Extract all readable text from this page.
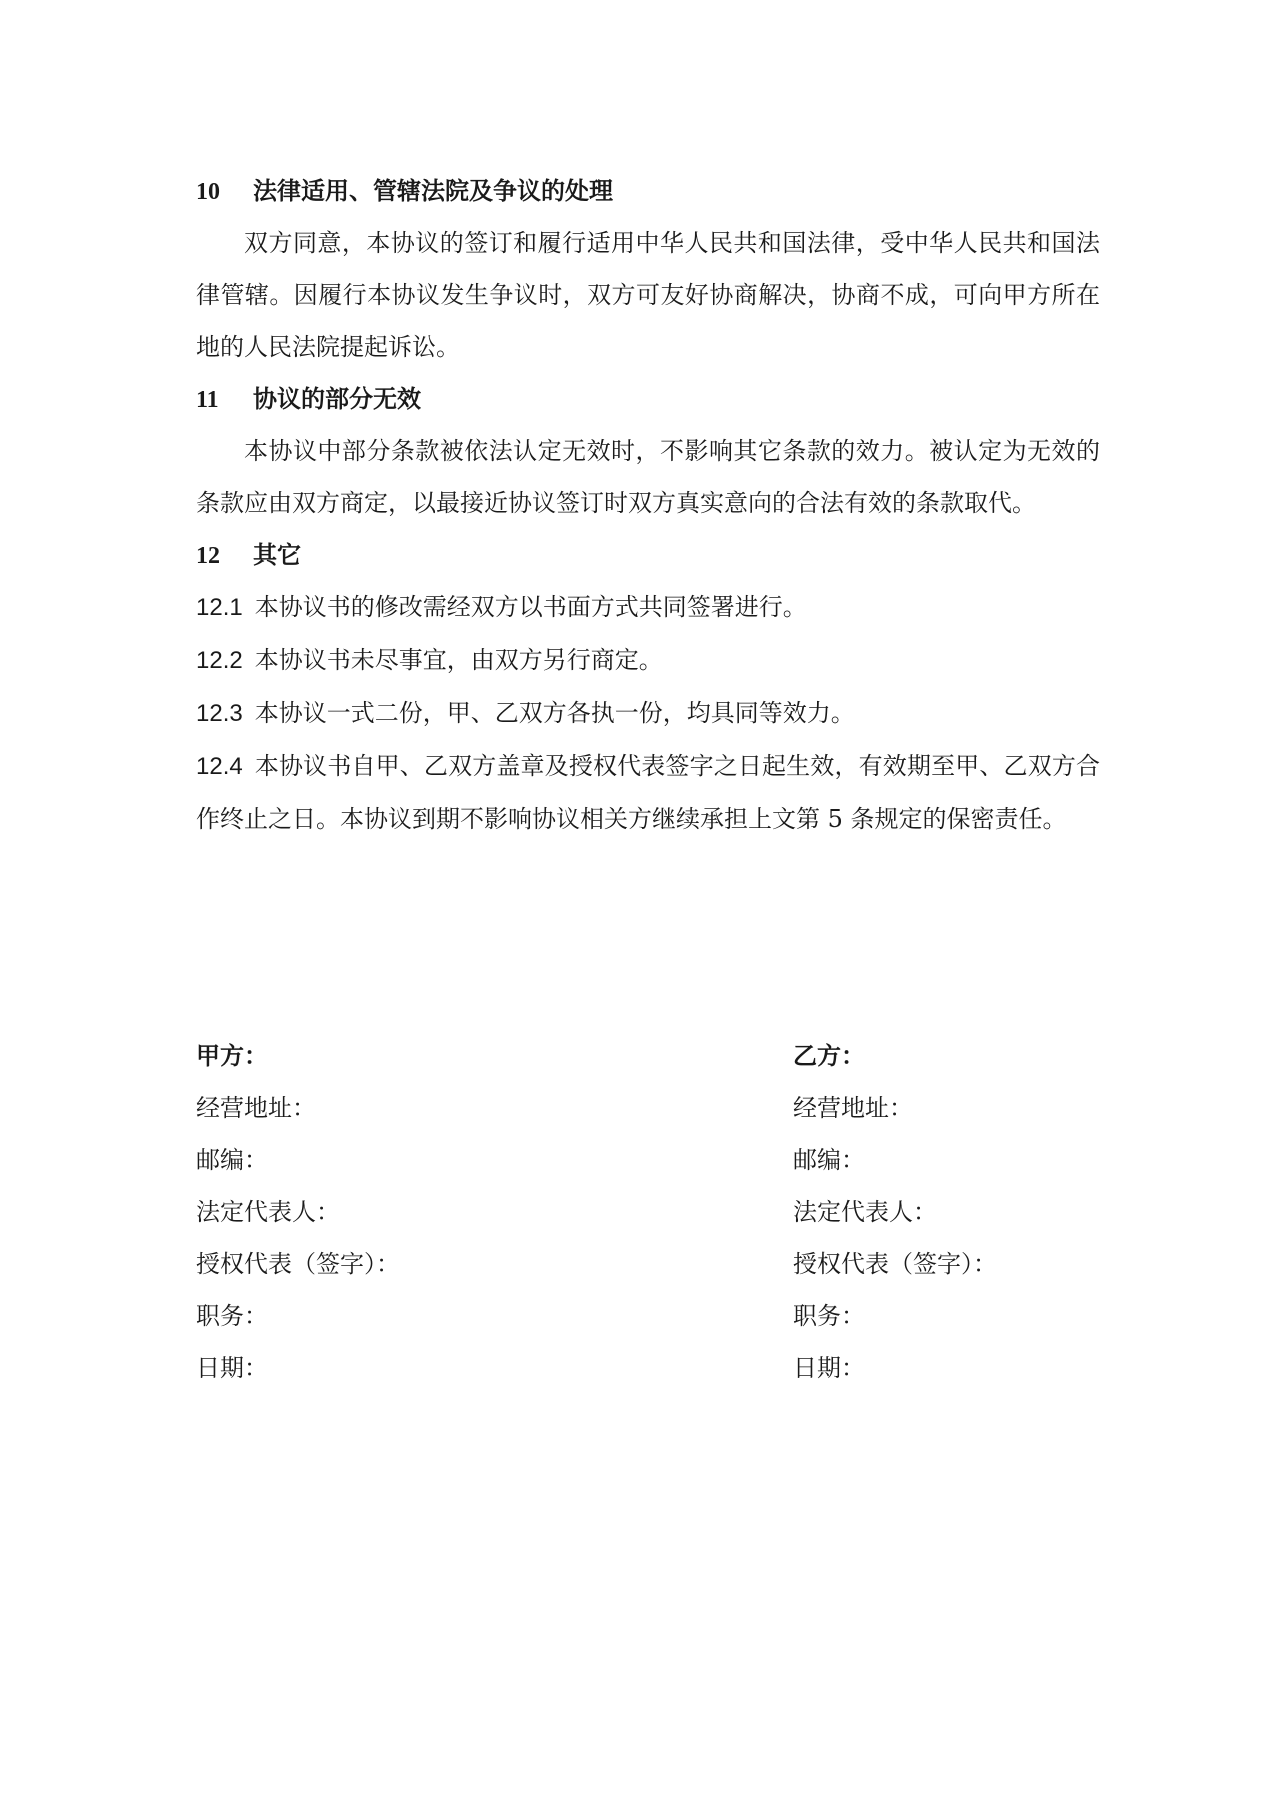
10 法律适用、管辖法院及争议的处理

双方同意，本协议的签订和履行适用中华人民共和国法律，受中华人民共和国法律管辖。因履行本协议发生争议时，双方可友好协商解决，协商不成，可向甲方所在地的人民法院提起诉讼。

11 协议的部分无效

本协议中部分条款被依法认定无效时，不影响其它条款的效力。被认定为无效的条款应由双方商定，以最接近协议签订时双方真实意向的合法有效的条款取代。

12 其它

12.1 本协议书的修改需经双方以书面方式共同签署进行。

12.2 本协议书未尽事宜，由双方另行商定。

12.3 本协议一式二份，甲、乙双方各执一份，均具同等效力。

12.4 本协议书自甲、乙双方盖章及授权代表签字之日起生效，有效期至甲、乙双方合作终止之日。本协议到期不影响协议相关方继续承担上文第 5 条规定的保密责任。

甲方：
经营地址：
邮编：
法定代表人：
授权代表（签字）：
职务：
日期：
乙方：
经营地址：
邮编：
法定代表人：
授权代表（签字）：
职务：
日期：
